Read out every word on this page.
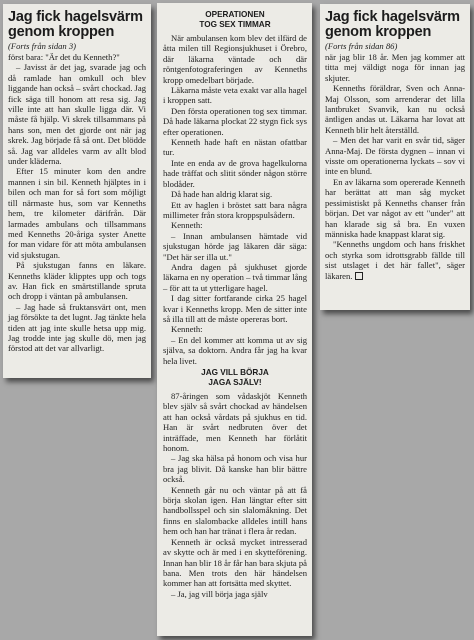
Jag fick hagelsvärm genom kroppen
(Forts från sidan 3)

först bara: "Är det du Kenneth?"

– Javisst är det jag, svarade jag och då ramlade han omkull och blev liggande han också – svårt chockad. Jag fick säga till honom att resa sig. Jag ville inte att han skulle ligga där. Vi måste få hjälp. Vi skrek tillsammans på hans son, men det gjorde ont när jag skrek. Jag började få så ont. Det blödde så. Jag var alldeles varm av allt blod under kläderna.

Efter 15 minuter kom den andre mannen i sin bil. Kenneth hjälptes in i bilen och man for så fort som möjligt till närmaste hus, som var Kenneths hem, tre kilometer därifrån. Där larmades ambulans och tillsammans med Kenneths 20-åriga syster Anette for man vidare för att möta ambulansen vid sjukstugan.

På sjukstugan fanns en läkare. Kenneths kläder klipptes upp och togs av. Han fick en smärtstillande spruta och dropp i väntan på ambulansen.

– Jag hade så fruktansvärt ont, men jag försökte ta det lugnt. Jag tänkte hela tiden att jag inte skulle hetsa upp mig. Jag trodde inte jag skulle dö, men jag förstod att det var allvarligt.

OPERATIONEN
TOG SEX TIMMAR

När ambulansen kom blev det ilfärd de åtta milen till Regionsjukhuset i Örebro, där läkarna väntade och där röntgenfotograferingen av Kenneths kropp omedelbart började.

Läkarna måste veta exakt var alla hagel i kroppen satt.

Den första operationen tog sex timmar. Då hade läkarna plockat 22 stygn fick sys efter operationen.

Kenneth hade haft en nästan ofattbar tur.

Inte en enda av de grova hagelkulorna hade träffat och slitit sönder någon större blodåder.

Då hade han aldrig klarat sig.

Ett av haglen i bröstet satt bara några millimeter från stora kroppspulsådern.

Kenneth:

– Innan ambulansen hämtade vid sjukstugan hörde jag läkaren där säga: "Det här ser illa ut."

Andra dagen på sjukhuset gjorde läkarna en ny operation – två timmar lång – för att ta ut ytterligare hagel.

I dag sitter fortfarande cirka 25 hagel kvar i Kenneths kropp. Men de sitter inte så illa till att de måste opereras bort.

Kenneth:

– En del kommer att komma ut av sig själva, sa doktorn. Andra får jag ha kvar hela livet.

JAG VILL BÖRJA
JAGA SJÄLV!

87-åringen som vådaskjöt Kenneth blev själv så svårt chockad av händelsen att han också vårdats på sjukhus en tid. Han är svårt nedbruten över det inträffade, men Kenneth har förlåtit honom.

– Jag ska hälsa på honom och visa hur bra jag blivit. Då kanske han blir bättre också.

Kenneth går nu och väntar på att få börja skolan igen. Han längtar efter sitt handbollsspel och sin slalomåkning. Det finns en slalombacke alldeles intill hans hem och han har tränat i flera år redan.

Kenneth är också mycket intresserad av skytte och är med i en skytteförening. Innan han blir 18 år får han bara skjuta på bana. Men trots den här händelsen kommer han att fortsätta med skyttet.

– Ja, jag vill börja jaga själv

Jag fick hagelsvärm genom kroppen
(Forts från sidan 86)

när jag blir 18 år. Men jag kommer att titta mej väldigt noga för innan jag skjuter.

Kenneths föräldrar, Sven och Anna-Maj Olsson, som arrenderar det lilla lantbruket Svanvik, kan nu också äntligen andas ut. Läkarna har lovat att Kenneth blir helt återställd.

– Men det har varit en svår tid, säger Anna-Maj. De första dygnen – innan vi visste om operationerna lyckats – sov vi inte en blund.

En av läkarna som opererade Kenneth har berättat att man såg mycket pessimistiskt på Kenneths chanser från början. Det var något av ett "under" att han klarade sig så bra. En vuxen människa hade knappast klarat sig.

"Kenneths ungdom och hans friskhet och styrka som idrottsgrabb fällde till sist utslaget i det här fallet", säger läkaren.
